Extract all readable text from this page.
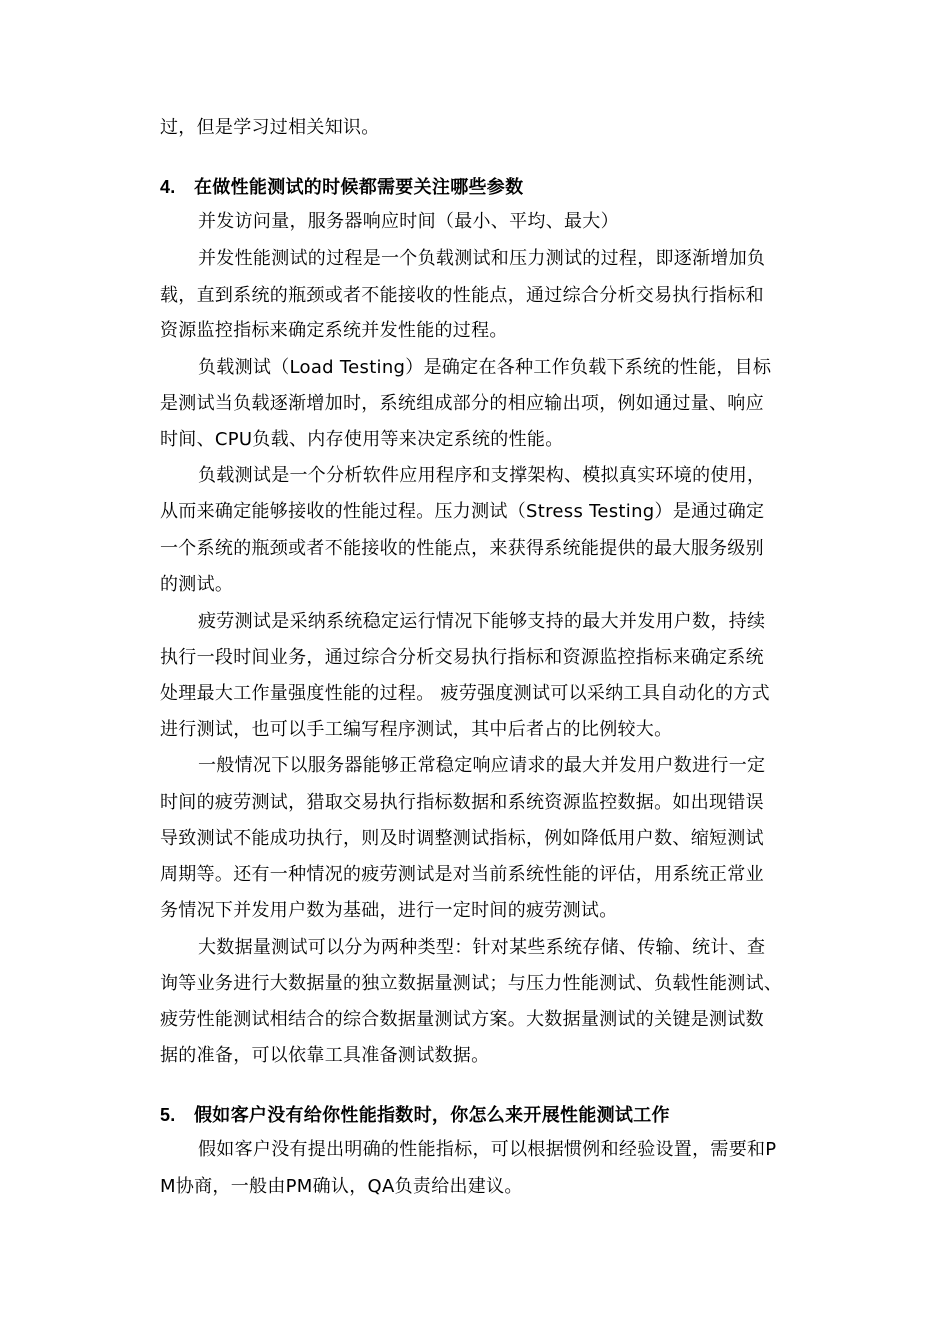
过，但是学习过相关知识。
4. 在做性能测试的时候都需要关注哪些参数
并发访问量，服务器响应时间（最小、平均、最大）
并发性能测试的过程是一个负载测试和压力测试的过程，即逐渐增加负
载，直到系统的瓶颈或者不能接收的性能点，通过综合分析交易执行指标和
资源监控指标来确定系统并发性能的过程。
负载测试（Load Testing）是确定在各种工作负载下系统的性能，目标
是测试当负载逐渐增加时，系统组成部分的相应输出项，例如通过量、响应
时间、CPU负载、内存使用等来决定系统的性能。
负载测试是一个分析软件应用程序和支撑架构、模拟真实环境的使用，
从而来确定能够接收的性能过程。压力测试（Stress Testing）是通过确定
一个系统的瓶颈或者不能接收的性能点，来获得系统能提供的最大服务级别
的测试。
疲劳测试是采纳系统稳定运行情况下能够支持的最大并发用户数，持续
执行一段时间业务，通过综合分析交易执行指标和资源监控指标来确定系统
处理最大工作量强度性能的过程。 疲劳强度测试可以采纳工具自动化的方式
进行测试，也可以手工编写程序测试，其中后者占的比例较大。
一般情况下以服务器能够正常稳定响应请求的最大并发用户数进行一定
时间的疲劳测试，猎取交易执行指标数据和系统资源监控数据。如出现错误
导致测试不能成功执行，则及时调整测试指标，例如降低用户数、缩短测试
周期等。还有一种情况的疲劳测试是对当前系统性能的评估，用系统正常业
务情况下并发用户数为基础，进行一定时间的疲劳测试。
大数据量测试可以分为两种类型：针对某些系统存储、传输、统计、查
询等业务进行大数据量的独立数据量测试；与压力性能测试、负载性能测试、
疲劳性能测试相结合的综合数据量测试方案。大数据量测试的关键是测试数
据的准备，可以依靠工具准备测试数据。
5. 假如客户没有给你性能指数时，你怎么来开展性能测试工作
假如客户没有提出明确的性能指标，可以根据惯例和经验设置，需要和P
M协商，一般由PM确认，QA负责给出建议。
